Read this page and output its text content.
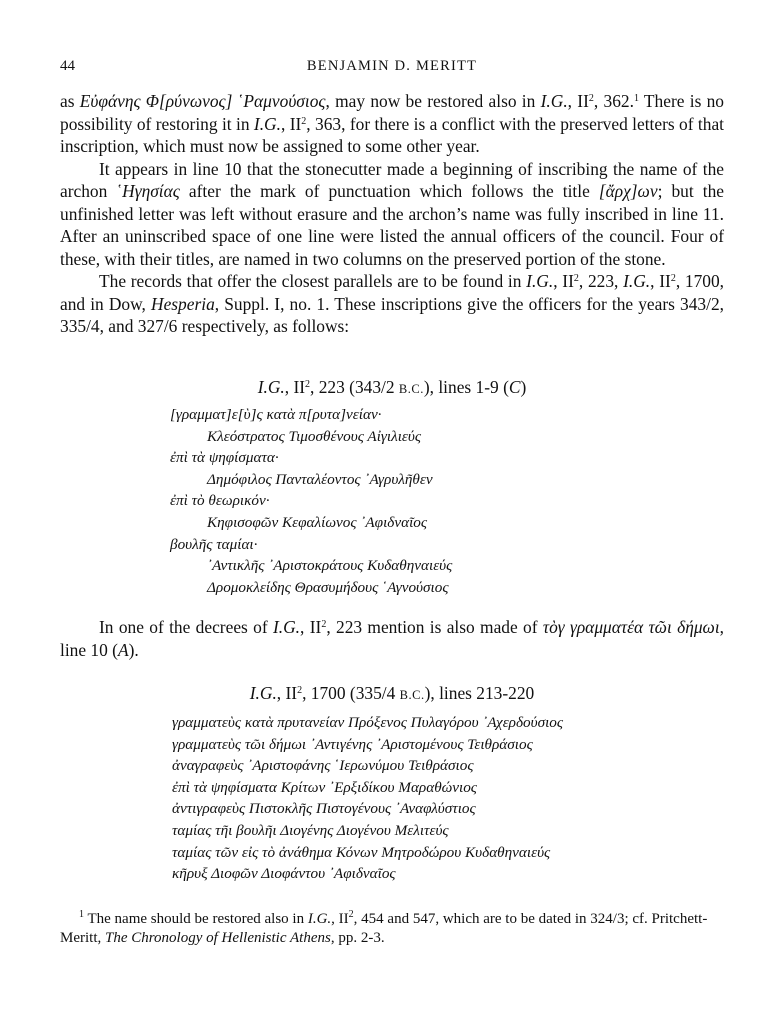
44	BENJAMIN D. MERITT

as Εὐφάνης Φ[ρύνωνος] ῾Ραμνούσιος, may now be restored also in I.G., $II^2$, 362.$^1$ There is no possibility of restoring it in I.G., $II^2$, 363, for there is a conflict with the preserved letters of that inscription, which must now be assigned to some other year.

It appears in line 10 that the stonecutter made a beginning of inscribing the name of the archon ῾Ηγησίας after the mark of punctuation which follows the title [ἄρχ]ων; but the unfinished letter was left without erasure and the archon’s name was fully inscribed in line 11. After an uninscribed space of one line were listed the annual officers of the council. Four of these, with their titles, are named in two columns on the preserved portion of the stone.

The records that offer the closest parallels are to be found in I.G., $II^2$, 223, I.G., $II^2$, 1700, and in Dow, Hesperia, Suppl. I, no. 1. These inscriptions give the officers for the years 343/2, 335/4, and 327/6 respectively, as follows:

I.G., $II^2$, 223 (343/2 B.C.), lines 1-9 (C)
[γραμματ]ε[ὺ]ς κατὰ π[ρυτα]νείαν·
Κλεόστρατος Τιμοσθένους Αἰγιλιεύς
ἐπὶ τὰ ψηφίσματα·
Δημόφιλος Πανταλέοντος ᾿Αγρυλῆθεν
ἐπὶ τὸ θεωρικόν·
Κηφισοφῶν Κεφαλίωνος ᾿Αφιδναῖος
βουλῆς ταμίαι·
᾿Αντικλῆς ᾿Αριστοκράτους Κυδαθηναιεύς
Δρομοκλείδης Θρασυμήδους ῾Αγνούσιος

In one of the decrees of I.G., $II^2$, 223 mention is also made of τὸγ γραμματέα τῶι δήμωι, line 10 (A).

I.G., $II^2$, 1700 (335/4 B.C.), lines 213-220
γραμματεὺς κατὰ πρυτανείαν Πρόξενος Πυλαγόρου ᾿Αχερδούσιος
γραμματεὺς τῶι δήμωι ᾿Αντιγένης ᾿Αριστομένους Τειθράσιος
ἀναγραφεὺς ᾿Αριστοφάνης ῾Ιερωνύμου Τειθράσιος
ἐπὶ τὰ ψηφίσματα Κρίτων ᾿Ερξιδίκου Μαραθώνιος
ἀντιγραφεὺς Πιστοκλῆς Πιστογένους ᾿Αναφλύστιος
ταμίας τῆι βουλῆι Διογένης Διογένου Μελιτεύς
ταμίας τῶν εἰς τὸ ἀνάθημα Κόνων Μητροδώρου Κυδαθηναιεύς
κῆρυξ Διοφῶν Διοφάντου ᾿Αφιδναῖος

$^1$ The name should be restored also in I.G., $II^2$, 454 and 547, which are to be dated in 324/3; cf. Pritchett-Meritt, The Chronology of Hellenistic Athens, pp. 2-3.
